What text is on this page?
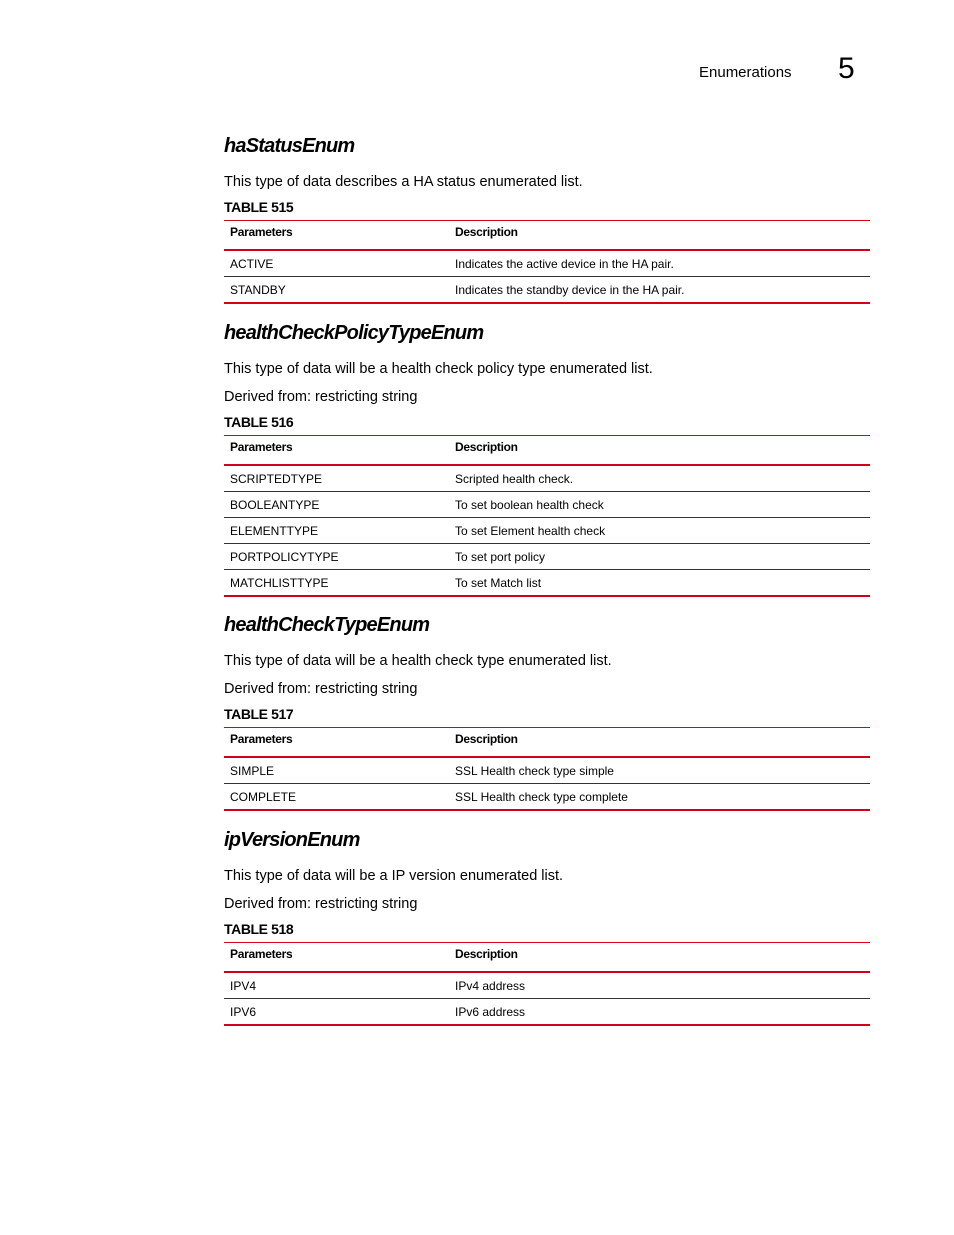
Enumerations 5
haStatusEnum

This type of data describes a HA status enumerated list.

TABLE 515
Parameters	Description
ACTIVE	Indicates the active device in the HA pair.
STANDBY	Indicates the standby device in the HA pair.
healthCheckPolicyTypeEnum

This type of data will be a health check policy type enumerated list.

Derived from: restricting string

TABLE 516
Parameters	Description
SCRIPTEDTYPE	Scripted health check.
BOOLEANTYPE	To set boolean health check
ELEMENTTYPE	To set Element health check
PORTPOLICYTYPE	To set port policy
MATCHLISTTYPE	To set Match list
healthCheckTypeEnum

This type of data will be a health check type enumerated list.

Derived from: restricting string

TABLE 517
Parameters	Description
SIMPLE	SSL Health check type simple
COMPLETE	SSL Health check type complete
ipVersionEnum

This type of data will be a IP version enumerated list.

Derived from: restricting string

TABLE 518
Parameters	Description
IPV4	IPv4 address
IPV6	IPv6 address
